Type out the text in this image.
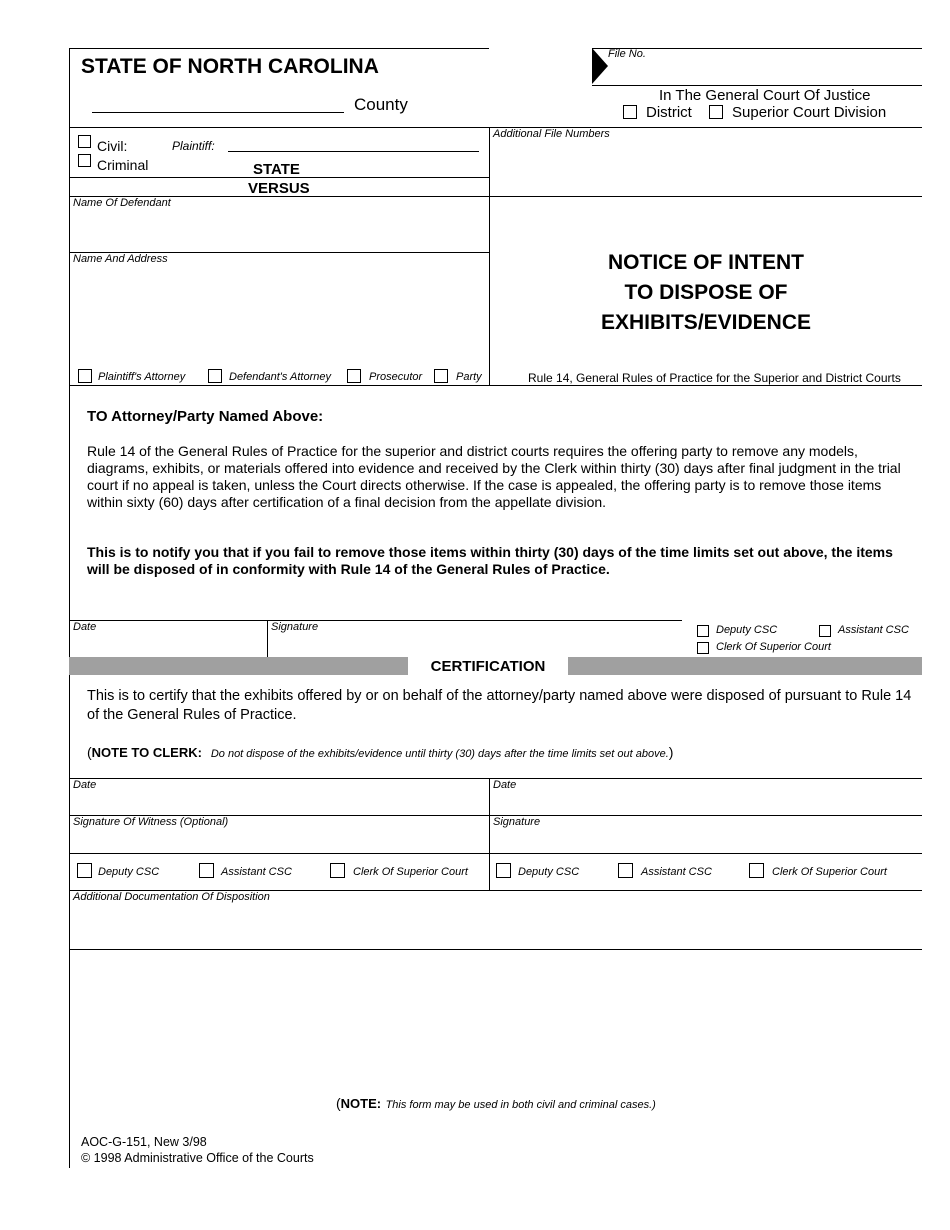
STATE OF NORTH CAROLINA
County
File No.
In The General Court Of Justice
District	Superior Court Division
Civil:
Criminal
Plaintiff:
STATE
VERSUS
Additional File Numbers
Name Of Defendant
Name And Address	NOTICE OF INTENT
TO DISPOSE OF
EXHIBITS/EVIDENCE
Rule 14, General Rules of Practice for the Superior and District Courts
Plaintiff's Attorney	Defendant's Attorney	Prosecutor	Party
TO Attorney/Party Named Above:
Rule 14 of the General Rules of Practice for the superior and district courts requires the offering party to remove any models, diagrams, exhibits, or materials offered into evidence and received by the Clerk within thirty (30) days after final judgment in the trial court if no appeal is taken, unless the Court directs otherwise. If the case is appealed, the offering party is to remove those items within sixty (60) days after certification of a final decision from the appellate division.
This is to notify you that if you fail to remove those items within thirty (30) days of the time limits set out above, the items will be disposed of in conformity with Rule 14 of the General Rules of Practice.
Date	Signature	Deputy CSC	Assistant CSC
Clerk Of Superior Court
CERTIFICATION
This is to certify that the exhibits offered by or on behalf of the attorney/party named above were disposed of pursuant to Rule 14 of the General Rules of Practice.
(NOTE TO CLERK: Do not dispose of the exhibits/evidence until thirty (30) days after the time limits set out above.)
Date	Date
Signature Of Witness (Optional)	Signature
Deputy CSC	Assistant CSC	Clerk Of Superior Court	Deputy CSC	Assistant CSC	Clerk Of Superior Court
Additional Documentation Of Disposition
(NOTE: This form may be used in both civil and criminal cases.)
AOC-G-151, New 3/98
© 1998 Administrative Office of the Courts
